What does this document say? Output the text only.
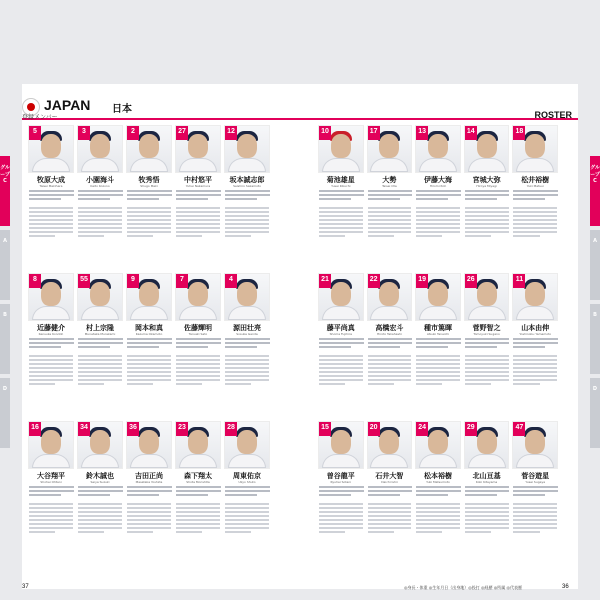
JAPAN 日本
登録メンバー	ROSTER
グループ C
A
B
D
グループ C
A
B
D
5
牧原大成
Taisei Makihara
3
小園海斗
Kaito Kozono
2
牧秀悟
Shugo Maki
27
中村悠平
Yuhei Nakamura
12
坂本誠志郎
Seishiro Sakamoto
8
近藤健介
Kensuke Kondoh
55
村上宗隆
Munetaka Murakami
9
岡本和真
Kazuma Okamoto
7
佐藤輝明
Teruaki Sato
4
源田壮亮
Sosuke Genda
16
大谷翔平
Shohei Ohtani
34
鈴木誠也
Seiya Suzuki
36
吉田正尚
Masataka Yoshida
23
森下翔太
Shota Morishita
28
周東佑京
Ukyo Shuto
10
菊池雄星
Yusei Kikuchi
17
大勢
Taisei Ota
13
伊藤大海
Hiromi Itoh
14
宮城大弥
Hiroya Miyagi
18
松井裕樹
Yuki Matsui
21
藤平尚真
Shoma Fujihira
22
高橋宏斗
Hiroto Takahashi
19
種市篤暉
Atsuki Taneichi
26
菅野智之
Tomoyuki Sugano
11
山本由伸
Yoshinobu Yamamoto
15
曽谷龍平
Ryuhei Sotani
20
石井大智
Daichi Ishii
24
松本裕樹
Yuki Matsumoto
29
北山亘基
Koki Kitayama
47
菅谷遊星
Yusei Sugaya
37	◎身長・体重 ◎生年月日（出身地）◎投打 ◎経歴 ◎所属 ◎代表歴	36
